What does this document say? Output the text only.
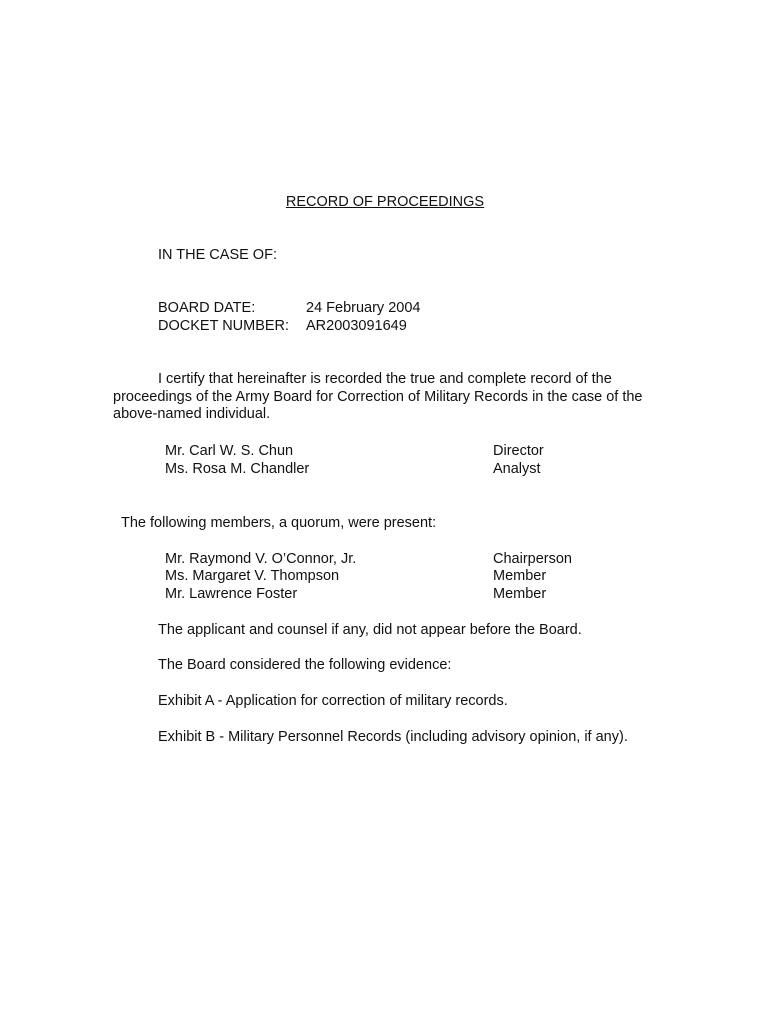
RECORD OF PROCEEDINGS
IN THE CASE OF:
BOARD DATE:	24 February 2004
DOCKET NUMBER: AR2003091649
I certify that hereinafter is recorded the true and complete record of the proceedings of the Army Board for Correction of Military Records in the case of the above-named individual.
Mr. Carl W. S. Chun	Director
Ms. Rosa M. Chandler	Analyst
The following members, a quorum, were present:
Mr. Raymond V. O’Connor, Jr.	Chairperson
Ms. Margaret V. Thompson	Member
Mr. Lawrence Foster	Member
The applicant and counsel if any, did not appear before the Board.
The Board considered the following evidence:
Exhibit A - Application for correction of military records.
Exhibit B - Military Personnel Records (including advisory opinion, if any).
